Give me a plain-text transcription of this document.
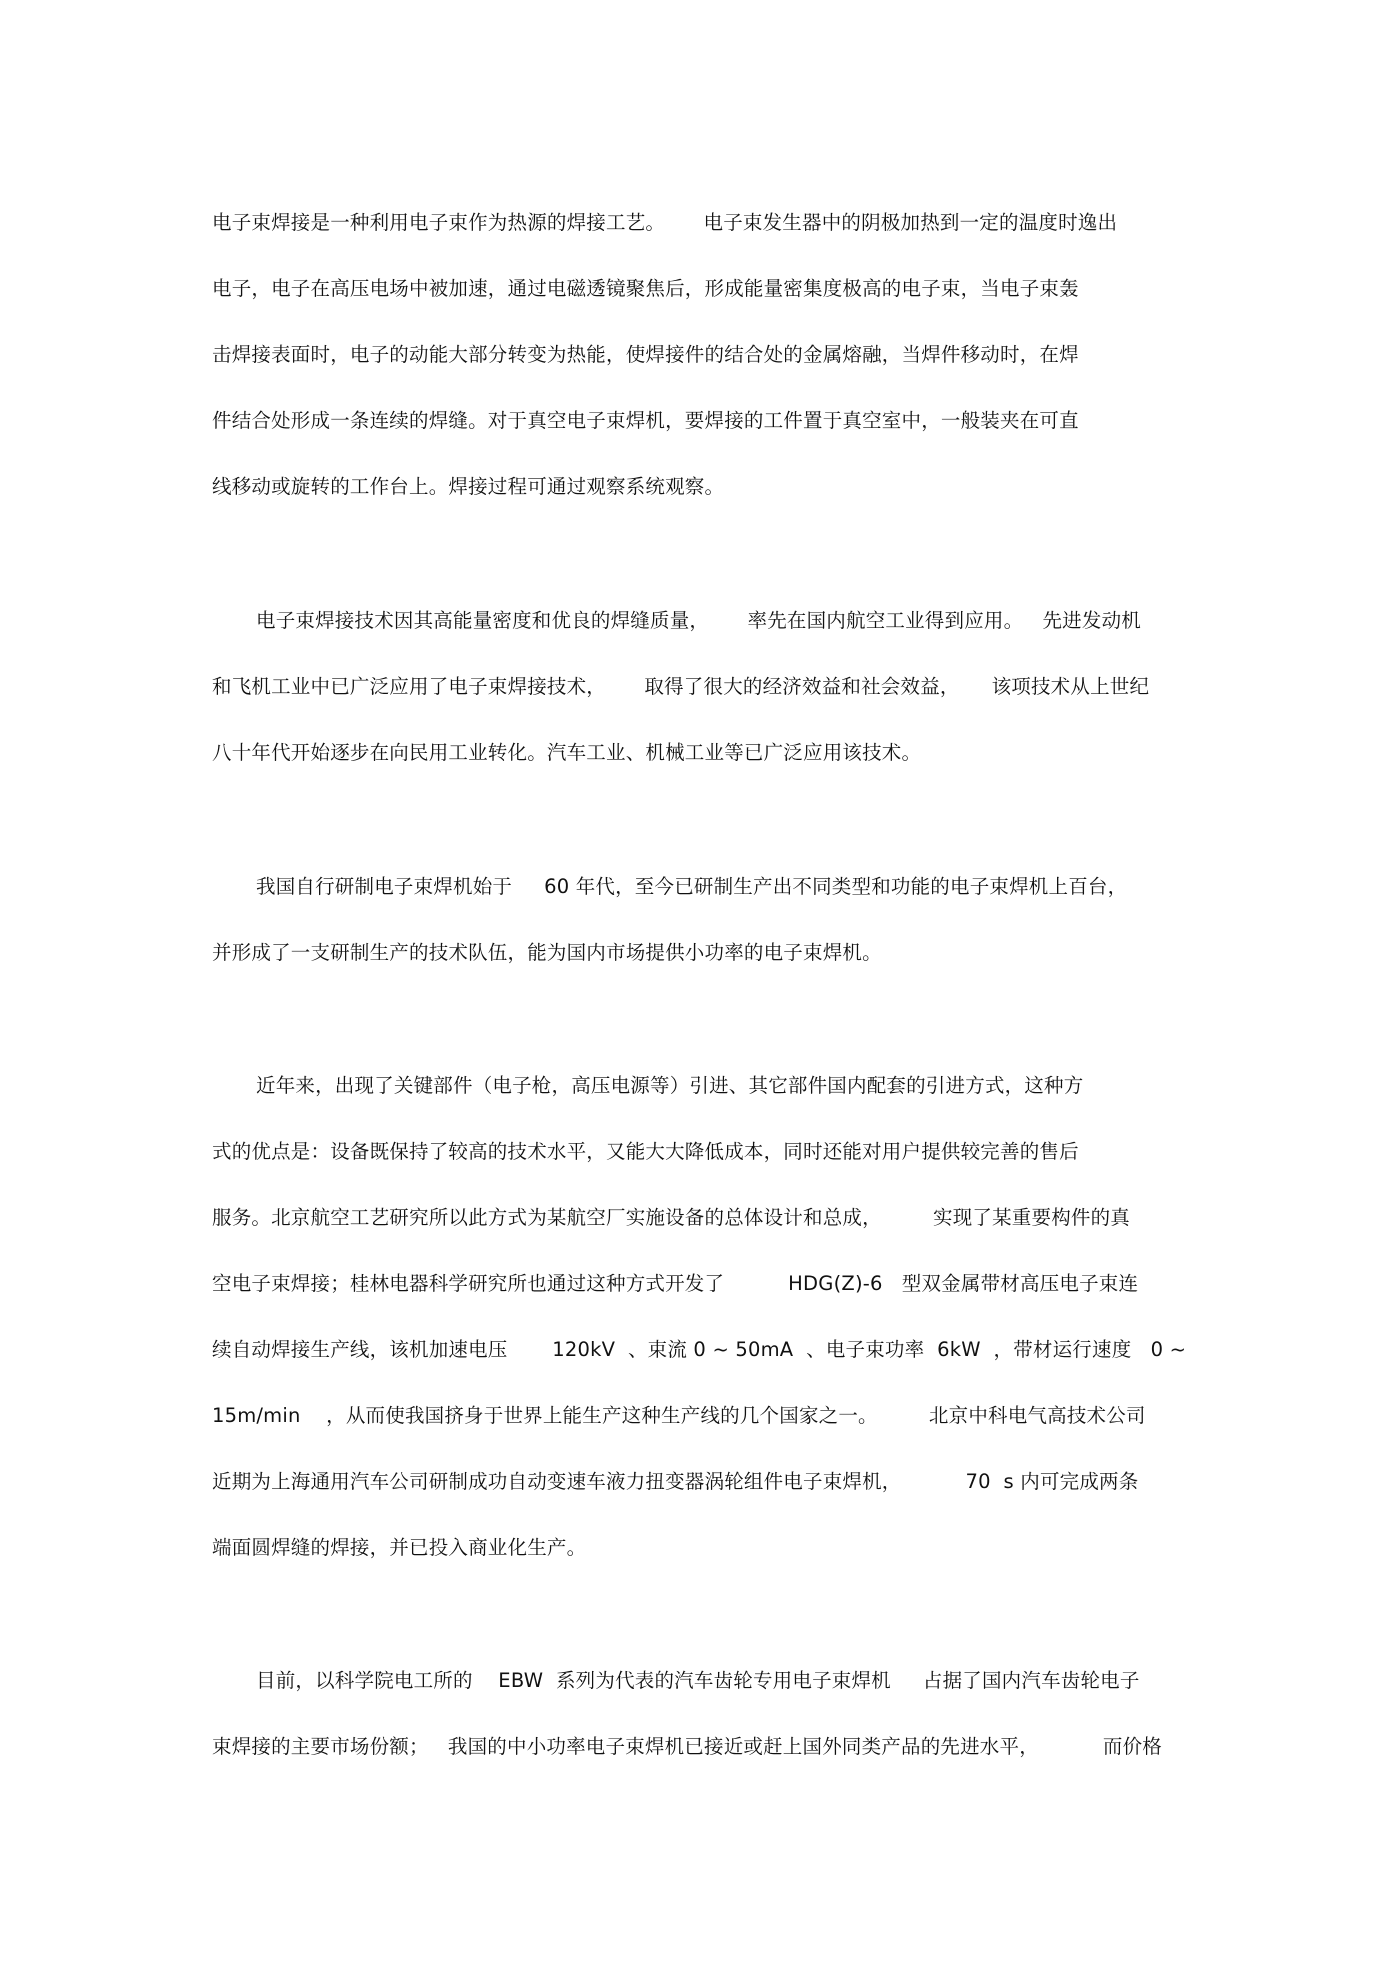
电子束焊接是一种利用电子束作为热源的焊接工艺。      电子束发生器中的阴极加热到一定的温度时逸出
电子，电子在高压电场中被加速，通过电磁透镜聚焦后，形成能量密集度极高的电子束，当电子束轰
击焊接表面时，电子的动能大部分转变为热能，使焊接件的结合处的金属熔融，当焊件移动时，在焊
件结合处形成一条连续的焊缝。对于真空电子束焊机，要焊接的工件置于真空室中，一般装夹在可直
线移动或旋转的工作台上。焊接过程可通过观察系统观察。
电子束焊接技术因其高能量密度和优良的焊缝质量，      率先在国内航空工业得到应用。   先进发动机
和飞机工业中已广泛应用了电子束焊接技术，      取得了很大的经济效益和社会效益，     该项技术从上世纪
八十年代开始逐步在向民用工业转化。汽车工业、机械工业等已广泛应用该技术。
我国自行研制电子束焊机始于     60 年代，至今已研制生产出不同类型和功能的电子束焊机上百台，
并形成了一支研制生产的技术队伍，能为国内市场提供小功率的电子束焊机。
近年来，出现了关键部件（电子枪，高压电源等）引进、其它部件国内配套的引进方式，这种方
式的优点是：设备既保持了较高的技术水平，又能大大降低成本，同时还能对用户提供较完善的售后
服务。北京航空工艺研究所以此方式为某航空厂实施设备的总体设计和总成，        实现了某重要构件的真
空电子束焊接；桂林电器科学研究所也通过这种方式开发了          HDG(Z)-6   型双金属带材高压电子束连
续自动焊接生产线，该机加速电压       120kV  、束流 0 ~ 50mA  、电子束功率  6kW  ，带材运行速度   0 ~
15m/min    ，从而使我国挤身于世界上能生产这种生产线的几个国家之一。        北京中科电气高技术公司
近期为上海通用汽车公司研制成功自动变速车液力扭变器涡轮组件电子束焊机，          70  s 内可完成两条
端面圆焊缝的焊接，并已投入商业化生产。
目前，以科学院电工所的    EBW  系列为代表的汽车齿轮专用电子束焊机     占据了国内汽车齿轮电子
束焊接的主要市场份额；   我国的中小功率电子束焊机已接近或赶上国外同类产品的先进水平，          而价格
